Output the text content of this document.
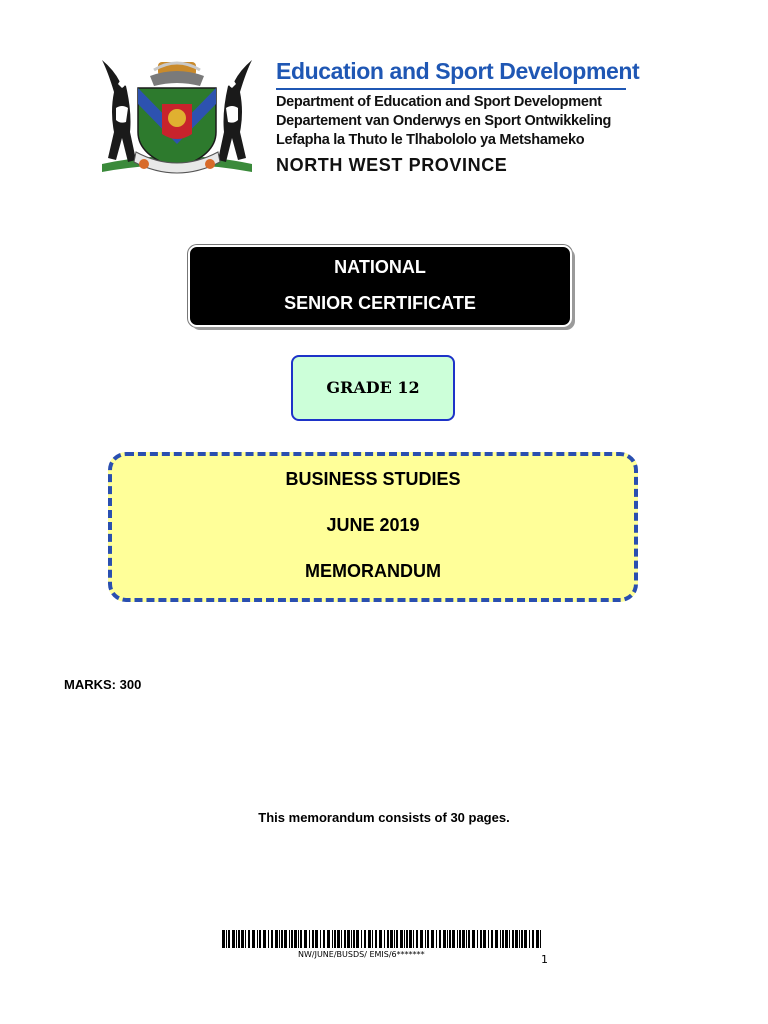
Education and Sport Development
Department of Education and Sport Development
Departement van Onderwys en Sport Ontwikkeling
Lefapha la Thuto le Tlhabololo ya Metshameko
NORTH WEST PROVINCE
NATIONAL
SENIOR CERTIFICATE
GRADE 12
BUSINESS STUDIES
JUNE 2019
MEMORANDUM
MARKS: 300
This memorandum consists of 30 pages.
NW/JUNE/BUSDS/ EMIS/6*******	1
